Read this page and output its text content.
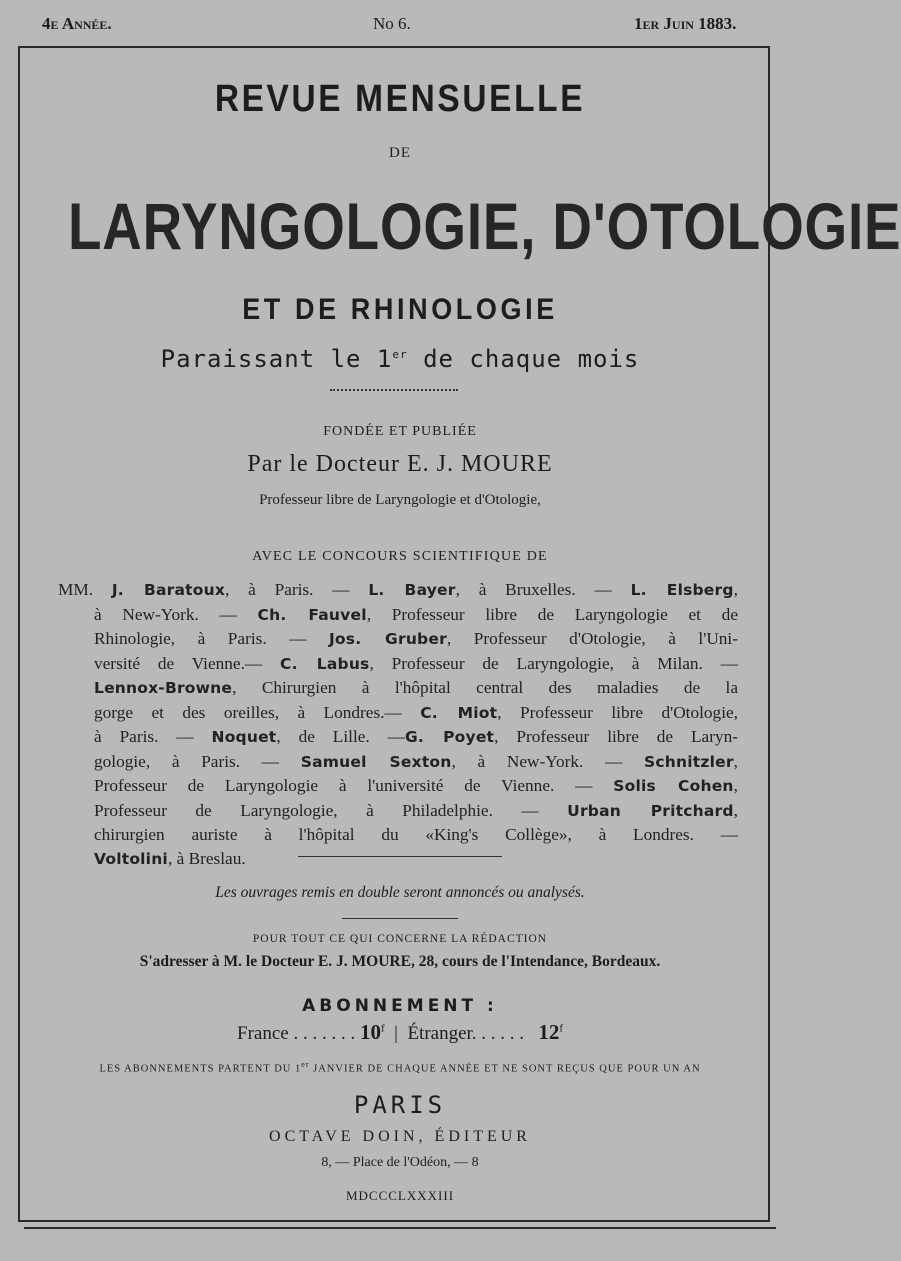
4e Année.	No 6.	1er Juin 1883.
REVUE MENSUELLE
DE
LARYNGOLOGIE, D'OTOLOGIE
ET DE RHINOLOGIE
Paraissant le 1er de chaque mois
FONDÉE ET PUBLIÉE
Par le Docteur E. J. MOURE
Professeur libre de Laryngologie et d'Otologie,
AVEC LE CONCOURS SCIENTIFIQUE DE
MM. J. Baratoux, à Paris. — L. Bayer, à Bruxelles. — L. Elsberg,
à New-York. — Ch. Fauvel, Professeur libre de Laryngologie et de
Rhinologie, à Paris. — Jos. Gruber, Professeur d'Otologie, à l'Uni-
versité de Vienne.— C. Labus, Professeur de Laryngologie, à Milan. —
Lennox-Browne, Chirurgien à l'hôpital central des maladies de la
gorge et des oreilles, à Londres.— C. Miot, Professeur libre d'Otologie,
à Paris. — Noquet, de Lille. —G. Poyet, Professeur libre de Laryn-
gologie, à Paris. — Samuel Sexton, à New-York. — Schnitzler,
Professeur de Laryngologie à l'université de Vienne. — Solis Cohen,
Professeur de Laryngologie, à Philadelphie. — Urban Pritchard,
chirurgien auriste à l'hôpital du «King's Collège», à Londres. —
Voltolini, à Breslau.
Les ouvrages remis en double seront annoncés ou analysés.
POUR TOUT CE QUI CONCERNE LA RÉDACTION
S'adresser à M. le Docteur E. J. MOURE, 28, cours de l'Intendance, Bordeaux.
ABONNEMENT :
France . . . . . . . 10$^f$ | Étranger. . . . . . 12$^f$
LES ABONNEMENTS PARTENT DU 1er JANVIER DE CHAQUE ANNÉE ET NE SONT REÇUS QUE POUR UN AN
PARIS
OCTAVE DOIN, ÉDITEUR
8, — Place de l'Odéon, — 8
MDCCCLXXXIII
